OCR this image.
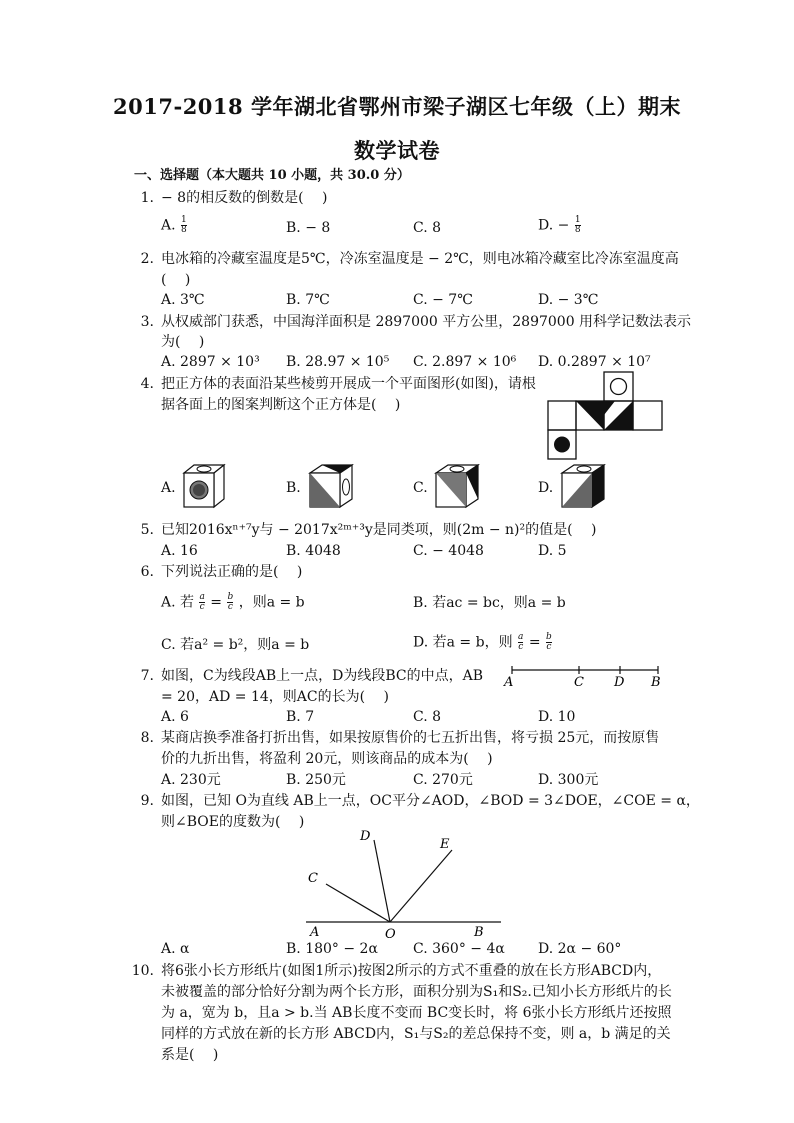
2017-2018 学年湖北省鄂州市梁子湖区七年级（上）期末
数学试卷
一、选择题（本大题共 10 小题，共 30.0 分）
1. − 8的相反数的倒数是(　 )
A. $\frac{1}{8}$	B. − 8	C. 8	D. − $\frac{1}{8}$
2. 电冰箱的冷藏室温度是5℃，冷冻室温度是 − 2℃，则电冰箱冷藏室比冷冻室温度高
(　 )
A. 3℃	B. 7℃	C. − 7℃	D. − 3℃
3. 从权威部门获悉，中国海洋面积是 2897000 平方公里，2897000 用科学记数法表示
为(　 )
A. 2897 × 10³ B. 28.97 × 10⁵ C. 2.897 × 10⁶ D. 0.2897 × 10⁷
4. 把正方体的表面沿某些棱剪开展成一个平面图形(如图)，请根
据各面上的图案判断这个正方体是(　 )
A.	B.	C.	D.
5. 已知2016xⁿ⁺⁷y与 − 2017x²ᵐ⁺³y是同类项，则(2m − n)²的值是(　 )
A. 16	B. 4048	C. − 4048	D. 5
6. 下列说法正确的是(　 )
A. 若 $\frac{a}{c} = \frac{b}{c}$ ，则a = b	B. 若ac = bc，则a = b
C. 若a² = b²，则a = b	D. 若a = b，则 $\frac{a}{c} = \frac{b}{c}$
7. 如图，C为线段AB上一点，D为线段BC的中点，AB
= 20，AD = 14，则AC的长为(　 )
A	C D B
A. 6	B. 7	C. 8	D. 10
8. 某商店换季准备打折出售，如果按原售价的七五折出售，将亏损 25元，而按原售
价的九折出售，将盈利 20元，则该商品的成本为(　 )
A. 230元	B. 250元	C. 270元	D. 300元
9. 如图，已知 O为直线 AB上一点，OC平分∠AOD，∠BOD = 3∠DOE，∠COE = α，
则∠BOE的度数为(　 )
D
E
C
A	O	B
A. α	B. 180° − 2α	C. 360° − 4α D. 2α − 60°
10. 将6张小长方形纸片(如图1所示)按图2所示的方式不重叠的放在长方形ABCD内，
未被覆盖的部分恰好分割为两个长方形，面积分别为S₁和S₂.已知小长方形纸片的长
为 a，宽为 b，且a > b.当 AB长度不变而 BC变长时，将 6张小长方形纸片还按照
同样的方式放在新的长方形 ABCD内，S₁与S₂的差总保持不变，则 a，b 满足的关
系是(　 )
